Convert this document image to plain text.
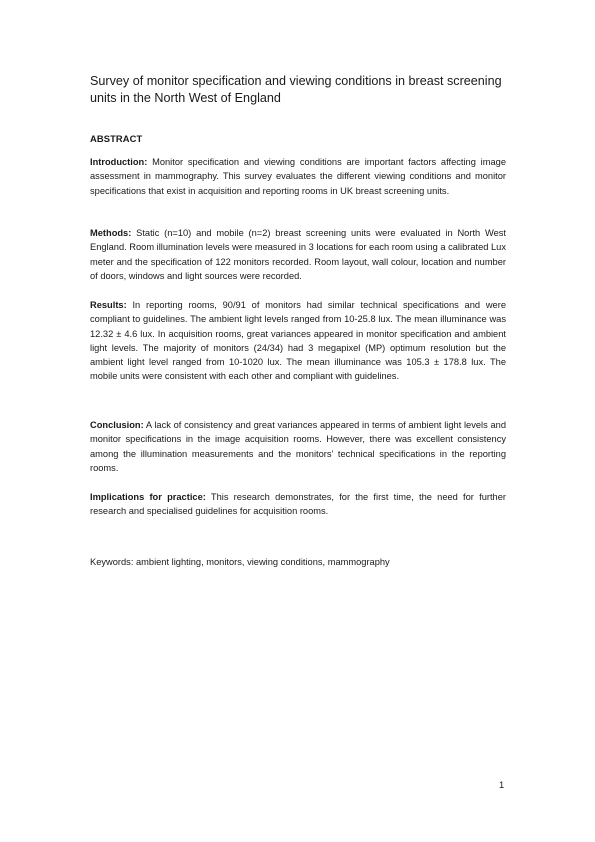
Survey of monitor specification and viewing conditions in breast screening units in the North West of England
ABSTRACT

Introduction: Monitor specification and viewing conditions are important factors affecting image assessment in mammography. This survey evaluates the different viewing conditions and monitor specifications that exist in acquisition and reporting rooms in UK breast screening units.

Methods: Static (n=10) and mobile (n=2) breast screening units were evaluated in North West England. Room illumination levels were measured in 3 locations for each room using a calibrated Lux meter and the specification of 122 monitors recorded. Room layout, wall colour, location and number of doors, windows and light sources were recorded.

Results: In reporting rooms, 90/91 of monitors had similar technical specifications and were compliant to guidelines. The ambient light levels ranged from 10-25.8 lux. The mean illuminance was 12.32 ± 4.6 lux. In acquisition rooms, great variances appeared in monitor specification and ambient light levels. The majority of monitors (24/34) had 3 megapixel (MP) optimum resolution but the ambient light level ranged from 10-1020 lux. The mean illuminance was 105.3 ± 178.8 lux. The mobile units were consistent with each other and compliant with guidelines.

Conclusion: A lack of consistency and great variances appeared in terms of ambient light levels and monitor specifications in the image acquisition rooms. However, there was excellent consistency among the illumination measurements and the monitors’ technical specifications in the reporting rooms.

Implications for practice: This research demonstrates, for the first time, the need for further research and specialised guidelines for acquisition rooms.

Keywords: ambient lighting, monitors, viewing conditions, mammography

1
